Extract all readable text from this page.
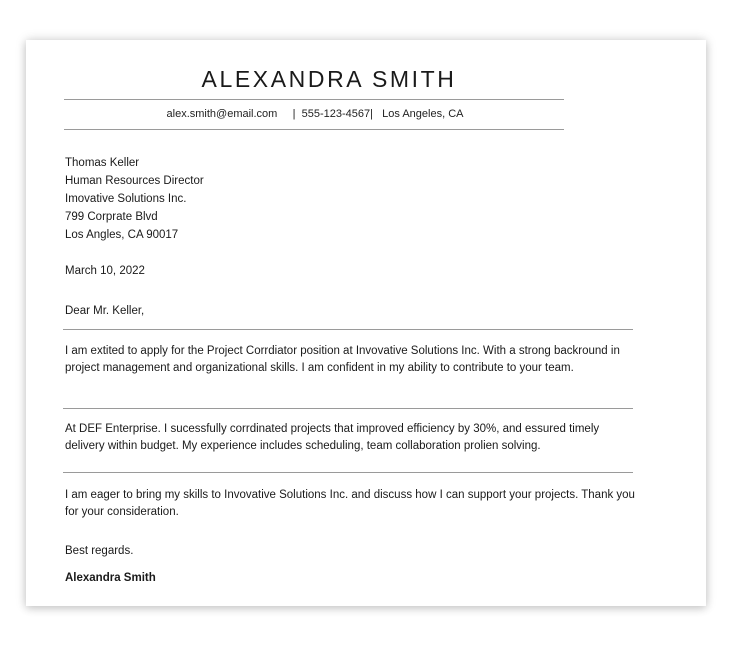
ALEXANDRA SMITH
alex.smith@email.com     |  555-123-4567|   Los Angeles, CA
Thomas Keller
Human Resources Director
Imovative Solutions Inc.
799 Corprate Blvd
Los Angles, CA 90017
March 10, 2022
Dear Mr. Keller,
I am extited to apply for the Project Corrdiator position at Invovative Solutions Inc. With a strong backround in project management and organizational skills. I am confident in my ability to contribute to your team.
At DEF Enterprise. I sucessfully corrdinated projects that improved efficiency by 30%, and essured timely delivery within budget. My experience includes scheduling, team collaboration prolien solving.
I am eager to bring my skills to Invovative Solutions Inc. and discuss how I can support your projects. Thank you for your consideration.
Best regards.
Alexandra Smith
